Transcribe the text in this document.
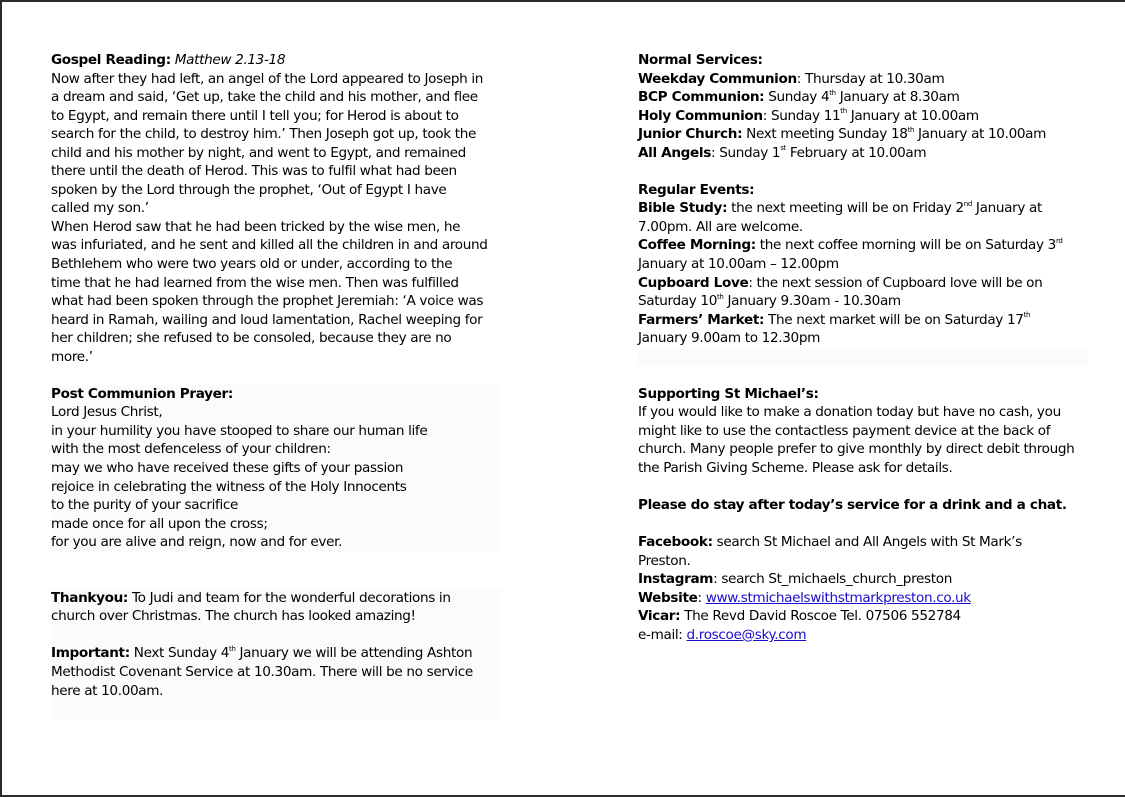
Gospel Reading: Matthew 2.13-18
Now after they had left, an angel of the Lord appeared to Joseph in
a dream and said, ‘Get up, take the child and his mother, and flee
to Egypt, and remain there until I tell you; for Herod is about to
search for the child, to destroy him.’ Then Joseph got up, took the
child and his mother by night, and went to Egypt, and remained
there until the death of Herod. This was to fulfil what had been
spoken by the Lord through the prophet, ‘Out of Egypt I have
called my son.’
When Herod saw that he had been tricked by the wise men, he
was infuriated, and he sent and killed all the children in and around
Bethlehem who were two years old or under, according to the
time that he had learned from the wise men. Then was fulfilled
what had been spoken through the prophet Jeremiah: ‘A voice was
heard in Ramah, wailing and loud lamentation, Rachel weeping for
her children; she refused to be consoled, because they are no
more.’
Post Communion Prayer:
Lord Jesus Christ,
in your humility you have stooped to share our human life
with the most defenceless of your children:
may we who have received these gifts of your passion
rejoice in celebrating the witness of the Holy Innocents
to the purity of your sacrifice
made once for all upon the cross;
for you are alive and reign, now and for ever.
Thankyou: To Judi and team for the wonderful decorations in
church over Christmas. The church has looked amazing!
Important: Next Sunday 4th January we will be attending Ashton
Methodist Covenant Service at 10.30am. There will be no service
here at 10.00am.
Normal Services:
Weekday Communion: Thursday at 10.30am
BCP Communion: Sunday 4th January at 8.30am
Holy Communion: Sunday 11th January at 10.00am
Junior Church: Next meeting Sunday 18th January at 10.00am
All Angels: Sunday 1st February at 10.00am
Regular Events:
Bible Study: the next meeting will be on Friday 2nd January at
7.00pm. All are welcome.
Coffee Morning: the next coffee morning will be on Saturday 3rd
January at 10.00am – 12.00pm
Cupboard Love: the next session of Cupboard love will be on
Saturday 10th January 9.30am - 10.30am
Farmers’ Market: The next market will be on Saturday 17th
January 9.00am to 12.30pm
Supporting St Michael’s:
If you would like to make a donation today but have no cash, you
might like to use the contactless payment device at the back of
church. Many people prefer to give monthly by direct debit through
the Parish Giving Scheme. Please ask for details.
Please do stay after today’s service for a drink and a chat.
Facebook: search St Michael and All Angels with St Mark’s
Preston.
Instagram: search St_michaels_church_preston
Website: www.stmichaelswithstmarkpreston.co.uk
Vicar: The Revd David Roscoe Tel. 07506 552784
e-mail: d.roscoe@sky.com
